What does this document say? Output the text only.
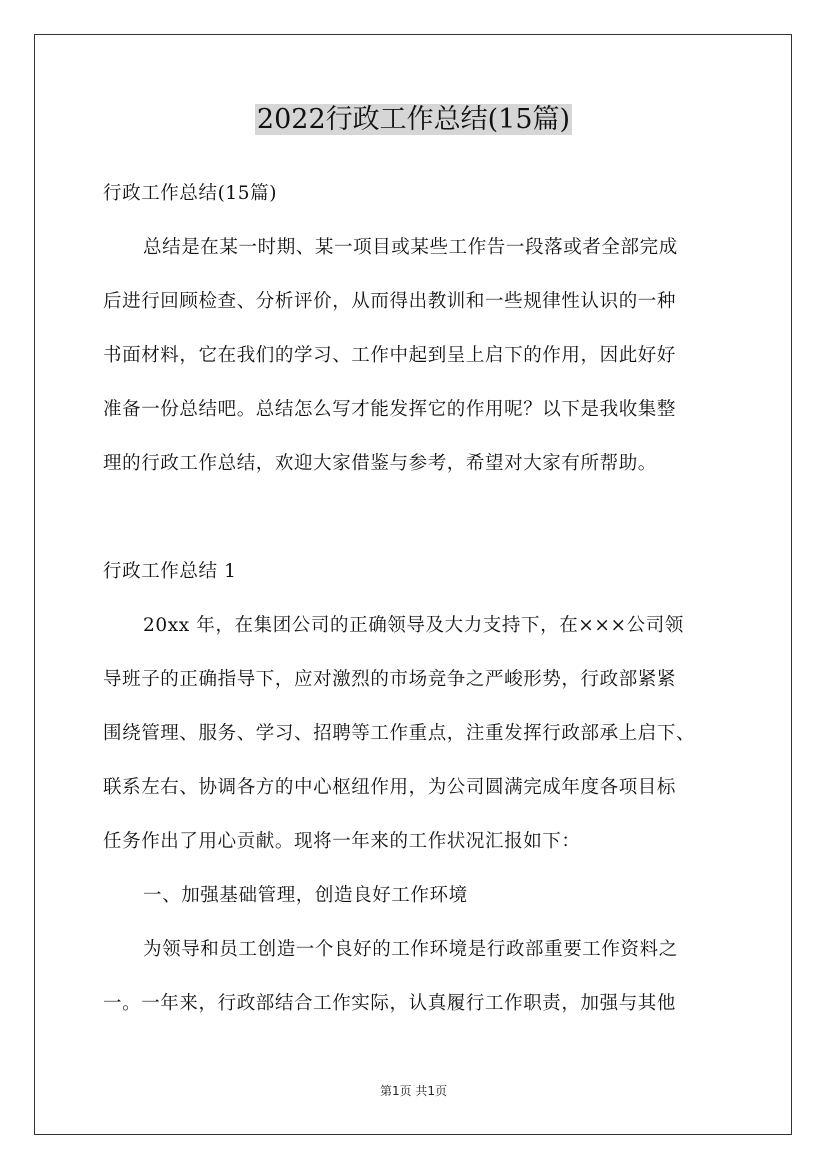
2022行政工作总结(15篇)
行政工作总结(15篇)
总结是在某一时期、某一项目或某些工作告一段落或者全部完成
后进行回顾检查、分析评价，从而得出教训和一些规律性认识的一种
书面材料，它在我们的学习、工作中起到呈上启下的作用，因此好好
准备一份总结吧。总结怎么写才能发挥它的作用呢？以下是我收集整
理的行政工作总结，欢迎大家借鉴与参考，希望对大家有所帮助。
行政工作总结 1
20xx 年，在集团公司的正确领导及大力支持下，在×××公司领
导班子的正确指导下，应对激烈的市场竞争之严峻形势，行政部紧紧
围绕管理、服务、学习、招聘等工作重点，注重发挥行政部承上启下、
联系左右、协调各方的中心枢纽作用，为公司圆满完成年度各项目标
任务作出了用心贡献。现将一年来的工作状况汇报如下：
一、加强基础管理，创造良好工作环境
为领导和员工创造一个良好的工作环境是行政部重要工作资料之
一。一年来，行政部结合工作实际，认真履行工作职责，加强与其他
第1页 共1页
